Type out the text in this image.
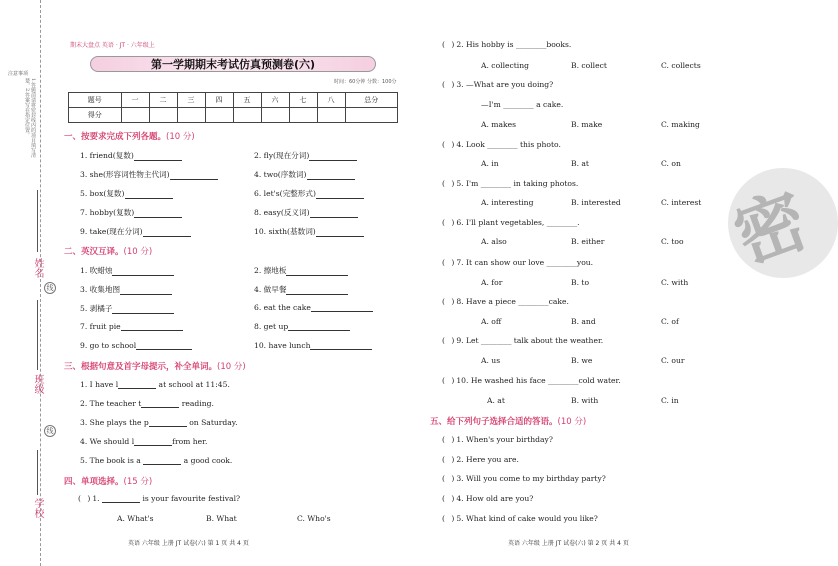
注意事项
1.答题前请将密封线内的项目填写清楚，2.答案写在指定位置。
姓名
线
班级
线
学校
期末大盘点 英语 · JT · 六年级上
第一学期期末考试仿真预测卷(六)
时间：60分钟 分数：100分
题号	一	二	三	四	五	六	七	八	总分
得分									
一、按要求完成下列各题。(10 分)
1. friend(复数)	2. fly(现在分词)
3. she(形容词性物主代词)	4. two(序数词)
5. box(复数)	6. let's(完整形式)
7. hobby(复数)	8. easy(反义词)
9. take(现在分词)	10. sixth(基数词)
二、英汉互译。(10 分)
1. 吹蜡烛	2. 擦地板
3. 收集地图	4. 做早餐
5. 剥橘子	6. eat the cake
7. fruit pie	8. get up
9. go to school	10. have lunch
三、根据句意及首字母提示，补全单词。(10 分)
1. I have l	at school at 11:45.
2. The teacher t	reading.
3. She plays the p	on Saturday.
4. We should l	from her.
5. The book is a	a good cook.
四、单项选择。(15 分)
( )1.	is your favourite festival?
A. What's	B. What	C. Who's
英语 六年级 上册 JT 试卷(六) 第 1 页 共 4 页
( )2. His hobby is ________books.
A. collecting	B. collect	C. collects
( )3. —What are you doing?
—I'm ________ a cake.
A. makes	B. make	C. making
( )4. Look ________ this photo.
A. in	B. at	C. on
( )5. I'm ________ in taking photos.
A. interesting	B. interested	C. interest
( )6. I'll plant vegetables, ________.
A. also	B. either	C. too
( )7. It can show our love ________you.
A. for	B. to	C. with
( )8. Have a piece ________cake.
A. off	B. and	C. of
( )9. Let ________ talk about the weather.
A. us	B. we	C. our
( )10. He washed his face ________cold water.
A. at	B. with	C. in
五、给下列句子选择合适的答语。(10 分)
( )1. When's your birthday?
( )2. Here you are.
( )3. Will you come to my birthday party?
( )4. How old are you?
( )5. What kind of cake would you like?
英语 六年级 上册 JT 试卷(六) 第 2 页 共 4 页
密
